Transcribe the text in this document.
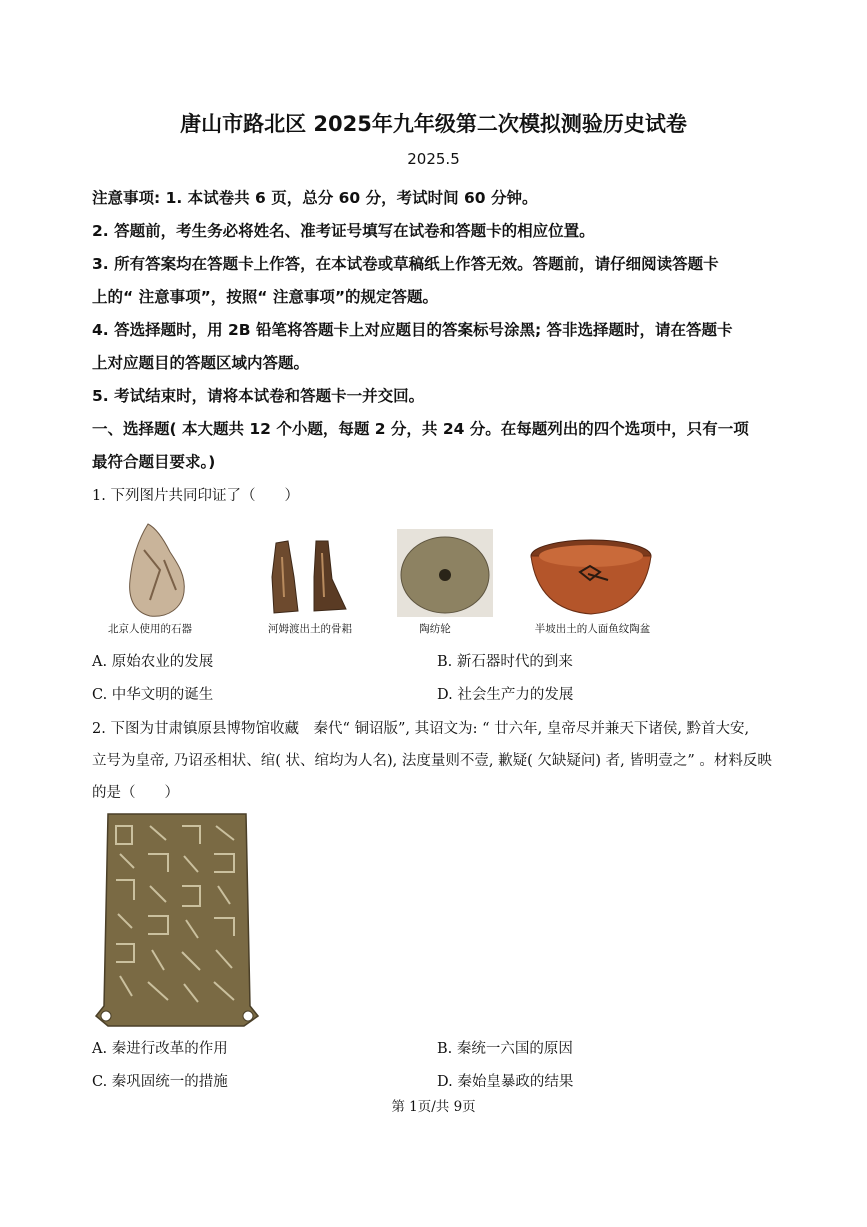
唐山市路北区 2025年九年级第二次模拟测验历史试卷
2025.5
注意事项: 1. 本试卷共 6 页，总分 60 分，考试时间 60 分钟。
2. 答题前，考生务必将姓名、准考证号填写在试卷和答题卡的相应位置。
3. 所有答案均在答题卡上作答，在本试卷或草稿纸上作答无效。答题前，请仔细阅读答题卡
上的“ 注意事项”，按照“ 注意事项”的规定答题。
4. 答选择题时，用 2B 铅笔将答题卡上对应题目的答案标号涂黑; 答非选择题时，请在答题卡
上对应题目的答题区域内答题。
5. 考试结束时，请将本试卷和答题卡一并交回。
一、选择题( 本大题共 12 个小题，每题 2 分，共 24 分。在每题列出的四个选项中，只有一项
最符合题目要求。)
1. 下列图片共同印证了（　　）
北京人使用的石器	河姆渡出土的骨耜	陶纺轮	半坡出土的人面鱼纹陶盆
A. 原始农业的发展	B. 新石器时代的到来
C. 中华文明的诞生	D. 社会生产力的发展
2. 下图为甘肃镇原县博物馆收藏　秦代“ 铜诏版”, 其诏文为: “ 廿六年, 皇帝尽并兼天下诸侯, 黔首大安,
立号为皇帝, 乃诏丞相状、绾( 状、绾均为人名), 法度量则不壹, 歉疑( 欠缺疑问) 者, 皆明壹之” 。材料反映
的是（　　）
A. 秦进行改革的作用	B. 秦统一六国的原因
C. 秦巩固统一的措施	D. 秦始皇暴政的结果
第 1页/共 9页
